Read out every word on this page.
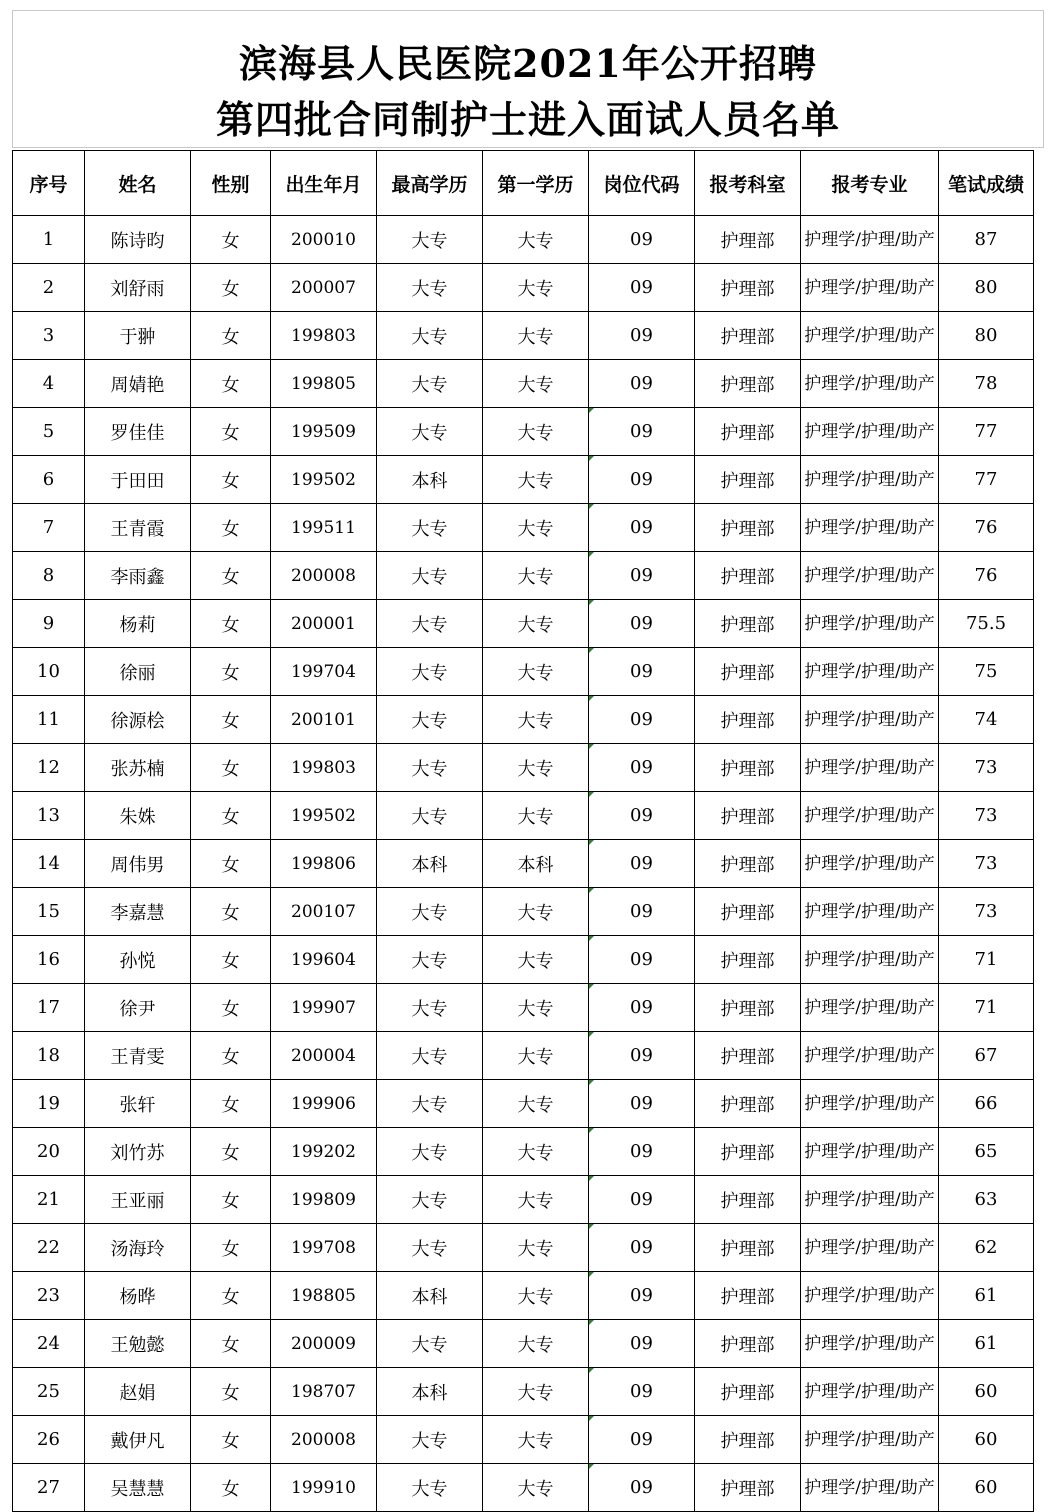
滨海县人民医院2021年公开招聘
第四批合同制护士进入面试人员名单
序号	姓名	性别	出生年月	最高学历	第一学历	岗位代码	报考科室	报考专业	笔试成绩
1	陈诗昀	女	200010	大专	大专	09	护理部	护理学/护理/助产	87
2	刘舒雨	女	200007	大专	大专	09	护理部	护理学/护理/助产	80
3	于翀	女	199803	大专	大专	09	护理部	护理学/护理/助产	80
4	周婧艳	女	199805	大专	大专	09	护理部	护理学/护理/助产	78
5	罗佳佳	女	199509	大专	大专	09	护理部	护理学/护理/助产	77
6	于田田	女	199502	本科	大专	09	护理部	护理学/护理/助产	77
7	王青霞	女	199511	大专	大专	09	护理部	护理学/护理/助产	76
8	李雨鑫	女	200008	大专	大专	09	护理部	护理学/护理/助产	76
9	杨莉	女	200001	大专	大专	09	护理部	护理学/护理/助产	75.5
10	徐丽	女	199704	大专	大专	09	护理部	护理学/护理/助产	75
11	徐源桧	女	200101	大专	大专	09	护理部	护理学/护理/助产	74
12	张苏楠	女	199803	大专	大专	09	护理部	护理学/护理/助产	73
13	朱姝	女	199502	大专	大专	09	护理部	护理学/护理/助产	73
14	周伟男	女	199806	本科	本科	09	护理部	护理学/护理/助产	73
15	李嘉慧	女	200107	大专	大专	09	护理部	护理学/护理/助产	73
16	孙悦	女	199604	大专	大专	09	护理部	护理学/护理/助产	71
17	徐尹	女	199907	大专	大专	09	护理部	护理学/护理/助产	71
18	王青雯	女	200004	大专	大专	09	护理部	护理学/护理/助产	67
19	张轩	女	199906	大专	大专	09	护理部	护理学/护理/助产	66
20	刘竹苏	女	199202	大专	大专	09	护理部	护理学/护理/助产	65
21	王亚丽	女	199809	大专	大专	09	护理部	护理学/护理/助产	63
22	汤海玲	女	199708	大专	大专	09	护理部	护理学/护理/助产	62
23	杨晔	女	198805	本科	大专	09	护理部	护理学/护理/助产	61
24	王勉懿	女	200009	大专	大专	09	护理部	护理学/护理/助产	61
25	赵娟	女	198707	本科	大专	09	护理部	护理学/护理/助产	60
26	戴伊凡	女	200008	大专	大专	09	护理部	护理学/护理/助产	60
27	吴慧慧	女	199910	大专	大专	09	护理部	护理学/护理/助产	60
